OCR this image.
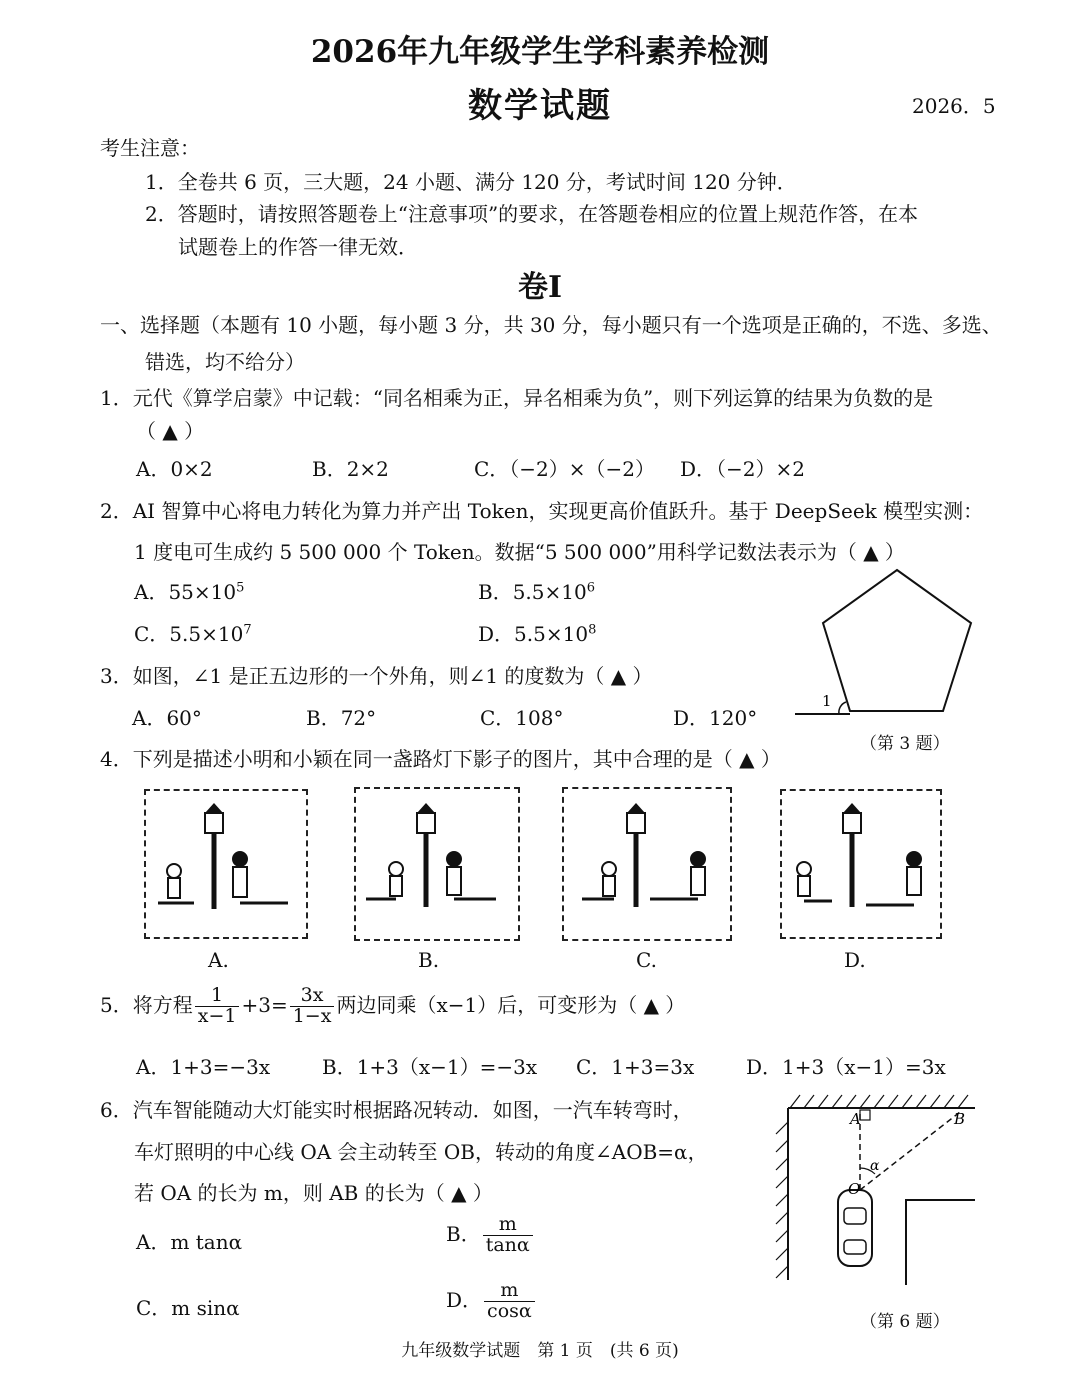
2026年九年级学生学科素养检测
数学试题	2026．5
考生注意：
1．全卷共 6 页，三大题，24 小题、满分 120 分，考试时间 120 分钟．
2．答题时，请按照答题卷上“注意事项”的要求，在答题卷相应的位置上规范作答，在本
试题卷上的作答一律无效．
卷Ⅰ
一、选择题（本题有 10 小题，每小题 3 分，共 30 分，每小题只有一个选项是正确的，不选、多选、
错选，均不给分）
1．元代《算学启蒙》中记载：“同名相乘为正，异名相乘为负”，则下列运算的结果为负数的是
（ ▲ ）
A．0×2	B．2×2	C．（−2）×（−2） D．（−2）×2
2．AI 智算中心将电力转化为算力并产出 Token，实现更高价值跃升。基于 DeepSeek 模型实测：
1 度电可生成约 5 500 000 个 Token。数据“5 500 000”用科学记数法表示为（ ▲ ）
A．$55\times 10^5$	B．$5.5\times 10^6$
C．$5.5\times 10^7$	D．$5.5\times 10^8$
3．如图，∠1 是正五边形的一个外角，则∠1 的度数为（ ▲ ）
A．60°	B．72°	C．108°	D．120°
1
（第 3 题）
4．下列是描述小明和小颖在同一盏路灯下影子的图片，其中合理的是（ ▲ ）
A.	B.	C.	D.
5．将方程 $\frac{1}{x-1} +3= \frac{3x}{1-x}$ 两边同乘（x−1）后，可变形为（ ▲ ）
A．1+3=−3x	B．1+3（x−1）=−3x C．1+3=3x	D．1+3（x−1）=3x
6．汽车智能随动大灯能实时根据路况转动．如图，一汽车转弯时，
车灯照明的中心线 OA 会主动转至 OB，转动的角度∠AOB=α，
若 OA 的长为 m，则 AB 的长为（ ▲ ）
A．m tanα	B． $\frac{m}{\tan\alpha}$
C．m sinα	D． $\frac{m}{\cos\alpha}$
A	B
O
α
（第 6 题）
九年级数学试题　第 1 页　(共 6 页)
